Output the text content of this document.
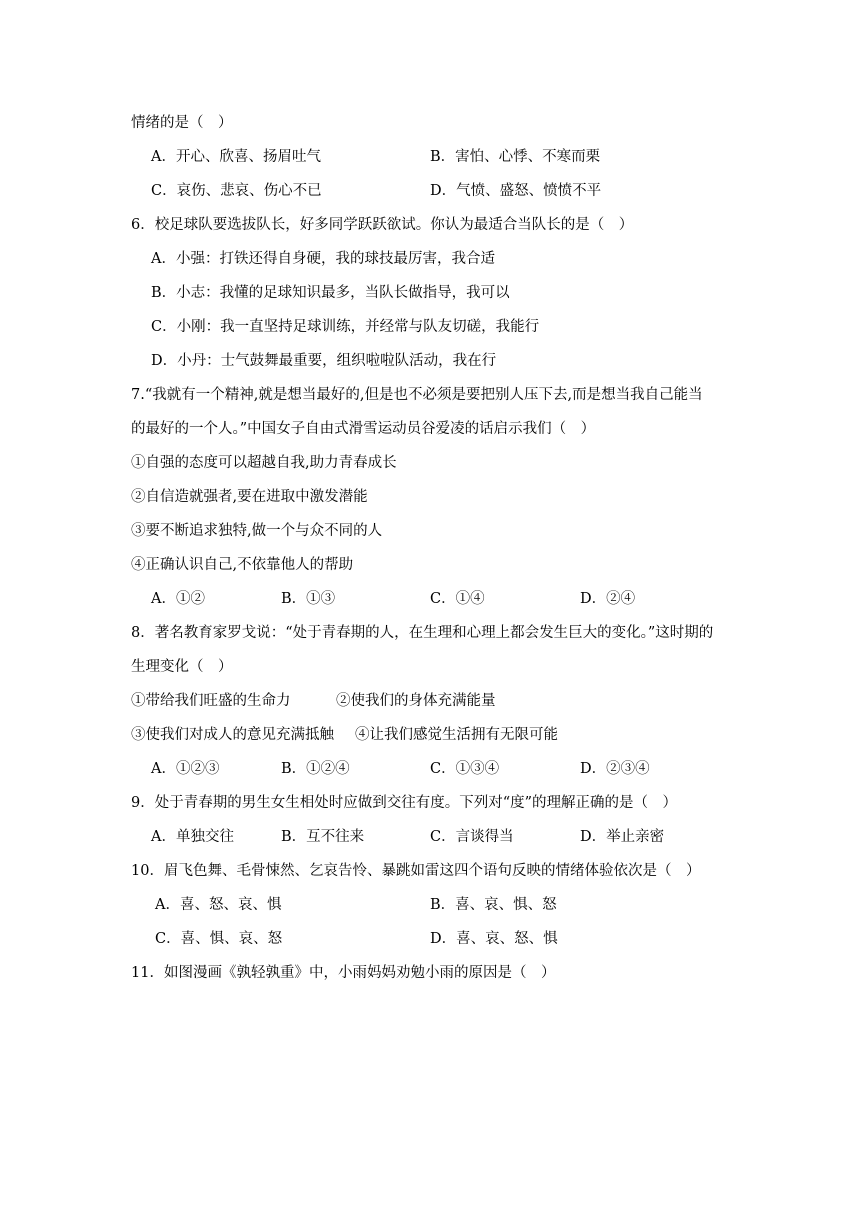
情绪的是（　）
A．开心、欣喜、扬眉吐气	B．害怕、心悸、不寒而栗
C．哀伤、悲哀、伤心不已	D．气愤、盛怒、愤愤不平
6．校足球队要选拔队长，好多同学跃跃欲试。你认为最适合当队长的是（　）
A．小强：打铁还得自身硬，我的球技最厉害，我合适
B．小志：我懂的足球知识最多，当队长做指导，我可以
C．小刚：我一直坚持足球训练，并经常与队友切磋，我能行
D．小丹：士气鼓舞最重要，组织啦啦队活动，我在行
7.“我就有一个精神,就是想当最好的,但是也不必须是要把别人压下去,而是想当我自己能当
的最好的一个人。”中国女子自由式滑雪运动员谷爱凌的话启示我们（　）
①自强的态度可以超越自我,助力青春成长
②自信造就强者,要在进取中激发潜能
③要不断追求独特,做一个与众不同的人
④正确认识自己,不依靠他人的帮助
A．①②	B．①③	C．①④	D．②④
8．著名教育家罗戈说：“处于青春期的人，在生理和心理上都会发生巨大的变化。”这时期的
生理变化（　）
①带给我们旺盛的生命力	②使我们的身体充满能量
③使我们对成人的意见充满抵触 ④让我们感觉生活拥有无限可能
A．①②③	B．①②④	C．①③④	D．②③④
9．处于青春期的男生女生相处时应做到交往有度。下列对“度”的理解正确的是（　）
A．单独交往	B．互不往来	C．言谈得当	D．举止亲密
10．眉飞色舞、毛骨悚然、乞哀告怜、暴跳如雷这四个语句反映的情绪体验依次是（　）
A．喜、怒、哀、惧	B．喜、哀、惧、怒
C．喜、惧、哀、怒	D．喜、哀、怒、惧
11．如图漫画《孰轻孰重》中，小雨妈妈劝勉小雨的原因是（　）
